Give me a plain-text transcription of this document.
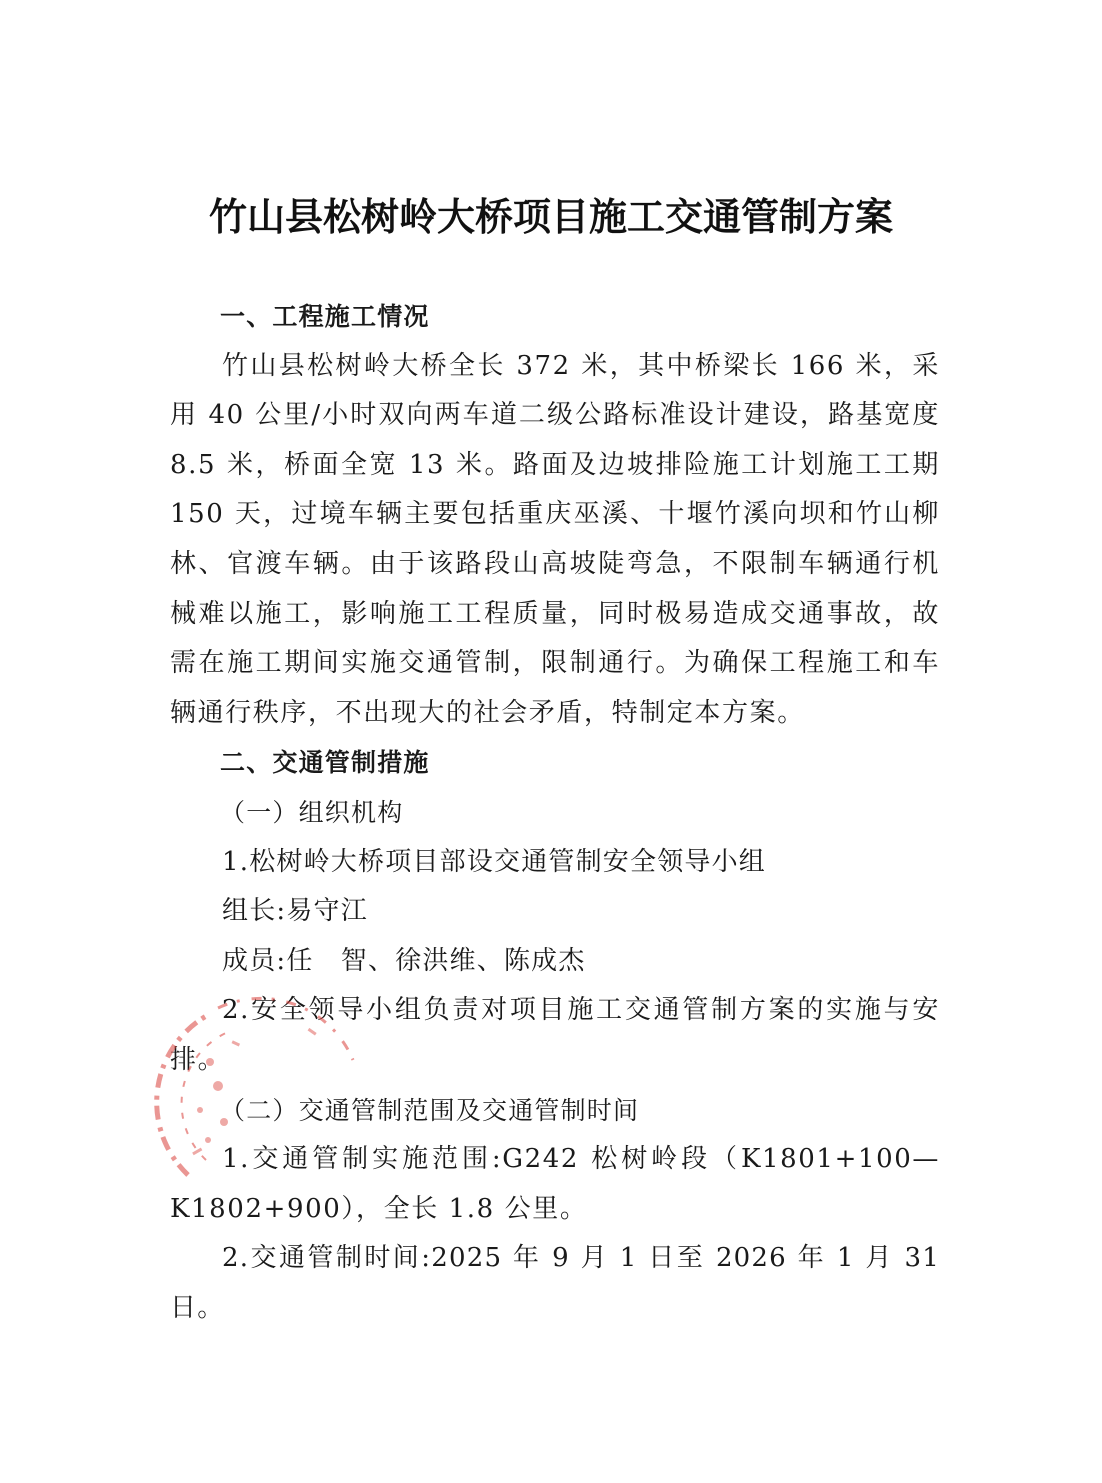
竹山县松树岭大桥项目施工交通管制方案

一、工程施工情况

竹山县松树岭大桥全长 372 米，其中桥梁长 166 米，采用 40 公里/小时双向两车道二级公路标准设计建设，路基宽度 8.5 米，桥面全宽 13 米。路面及边坡排险施工计划施工工期 150 天，过境车辆主要包括重庆巫溪、十堰竹溪向坝和竹山柳林、官渡车辆。由于该路段山高坡陡弯急，不限制车辆通行机械难以施工，影响施工工程质量，同时极易造成交通事故，故需在施工期间实施交通管制，限制通行。为确保工程施工和车辆通行秩序，不出现大的社会矛盾，特制定本方案。

二、交通管制措施

（一）组织机构

1.松树岭大桥项目部设交通管制安全领导小组

组长:易守江

成员:任　智、徐洪维、陈成杰

2.安全领导小组负责对项目施工交通管制方案的实施与安排。

（二）交通管制范围及交通管制时间

1.交通管制实施范围:G242 松树岭段（K1801+100—K1802+900），全长 1.8 公里。

2.交通管制时间:2025 年 9 月 1 日至 2026 年 1 月 31 日。
